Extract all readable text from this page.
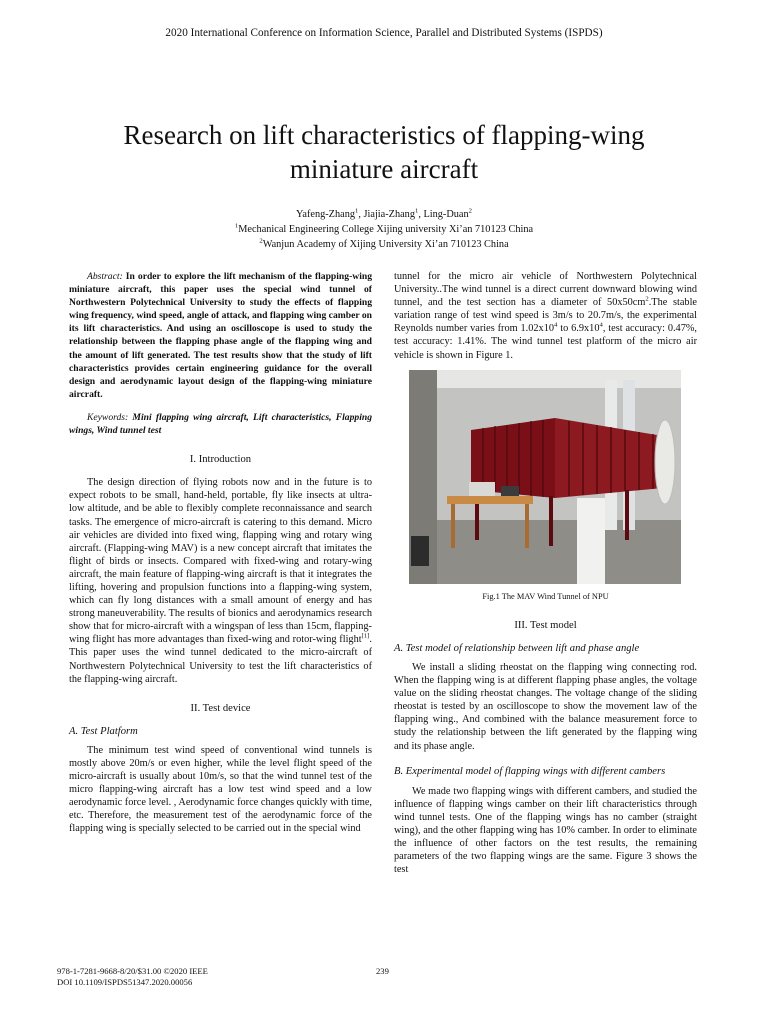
2020 International Conference on Information Science, Parallel and Distributed Systems (ISPDS)
Research on lift characteristics of flapping-wing
miniature aircraft
Yafeng-Zhang$^1$, Jiajia-Zhang$^1$, Ling-Duan$^2$
$^1$Mechanical Engineering College Xijing university Xi’an 710123 China
$^2$Wanjun Academy of Xijing University Xi’an 710123 China

Abstract: In order to explore the lift mechanism of the flapping-wing miniature aircraft, this paper uses the special wind tunnel of Northwestern Polytechnical University to study the effects of flapping wing frequency, wind speed, angle of attack, and flapping wing camber on its lift characteristics. And using an oscilloscope is used to study the relationship between the flapping phase angle of the flapping wing and the amount of lift generated. The test results show that the study of lift characteristics provides certain engineering guidance for the overall design and aerodynamic layout design of the flapping-wing miniature aircraft.

Keywords: Mini flapping wing aircraft, Lift characteristics, Flapping wings, Wind tunnel test

I. Introduction

The design direction of flying robots now and in the future is to expect robots to be small, hand-held, portable, fly like insects at ultra-low altitude, and be able to flexibly complete reconnaissance and search tasks. The emergence of micro-aircraft is catering to this demand. Micro air vehicles are divided into fixed wing, flapping wing and rotary wing aircraft. (Flapping-wing MAV) is a new concept aircraft that imitates the flight of birds or insects. Compared with fixed-wing and rotary-wing aircraft, the main feature of flapping-wing aircraft is that it integrates the lifting, hovering and propulsion functions into a flapping-wing system, which can fly long distances with a small amount of energy and has strong maneuverability. The results of bionics and aerodynamics research show that for micro-aircraft with a wingspan of less than 15cm, flapping-wing flight has more advantages than fixed-wing and rotor-wing flight[1]. This paper uses the wind tunnel dedicated to the micro-aircraft of Northwestern Polytechnical University to test the lift characteristics of the flapping-wing aircraft.

II. Test device
A. Test Platform

The minimum test wind speed of conventional wind tunnels is mostly above 20m/s or even higher, while the level flight speed of the micro-aircraft is usually about 10m/s, so that the wind tunnel test of the micro flapping-wing aircraft has a low test wind speed and a low aerodynamic force level. , Aerodynamic force changes quickly with time, etc. Therefore, the measurement test of the aerodynamic force of the flapping wing is specially selected to be carried out in the special wind

tunnel for the micro air vehicle of Northwestern Polytechnical University..The wind tunnel is a direct current downward blowing wind tunnel, and the test section has a diameter of $50x50cm^2.The$ stable variation range of test wind speed is 3m/s to 20.7m/s, the experimental Reynolds number varies from $1.02x10^4$ to $6.9x10^4$, test accuracy: 0.47%, test accuracy: 1.41%. The wind tunnel test platform of the micro air vehicle is shown in Figure 1.

Fig.1 The MAV Wind Tunnel of NPU
III. Test model
A. Test model of relationship between lift and phase angle

We install a sliding rheostat on the flapping wing connecting rod. When the flapping wing is at different flapping phase angles, the voltage value on the sliding rheostat changes. The voltage change of the sliding rheostat is tested by an oscilloscope to show the movement law of the flapping wing., And combined with the balance measurement force to study the relationship between the lift generated by the flapping wing and its phase angle.

B. Experimental model of flapping wings with different cambers

We made two flapping wings with different cambers, and studied the influence of flapping wings camber on their lift characteristics through wind tunnel tests. One of the flapping wings has no camber (straight wing), and the other flapping wing has 10% camber. In order to eliminate the influence of other factors on the test results, the remaining parameters of the two flapping wings are the same. Figure 3 shows the test

978-1-7281-9668-8/20/$31.00 ©2020 IEEE
DOI 10.1109/ISPDS51347.2020.00056
239
